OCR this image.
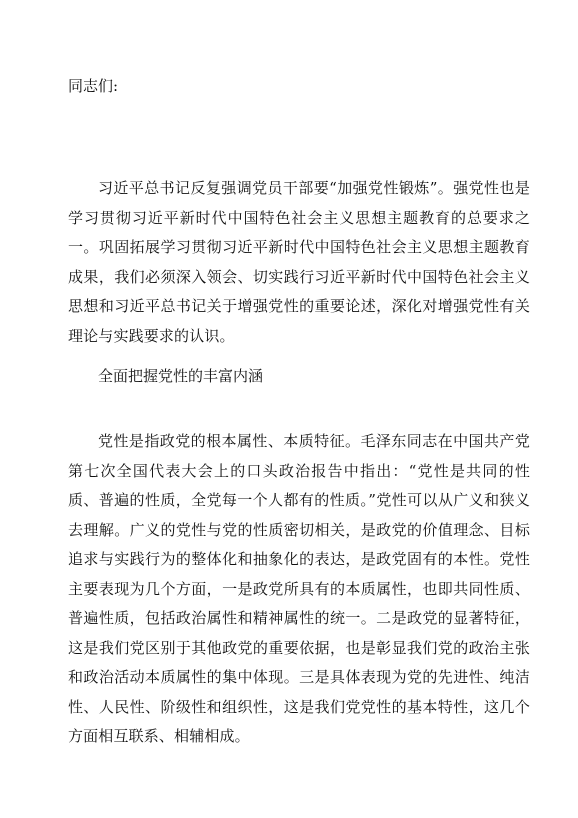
同志们:

习近平总书记反复强调党员干部要“加强党性锻炼”。强党性也是学习贯彻习近平新时代中国特色社会主义思想主题教育的总要求之一。巩固拓展学习贯彻习近平新时代中国特色社会主义思想主题教育成果，我们必须深入领会、切实践行习近平新时代中国特色社会主义思想和习近平总书记关于增强党性的重要论述，深化对增强党性有关理论与实践要求的认识。

全面把握党性的丰富内涵

党性是指政党的根本属性、本质特征。毛泽东同志在中国共产党第七次全国代表大会上的口头政治报告中指出：“党性是共同的性质、普遍的性质，全党每一个人都有的性质。”党性可以从广义和狭义去理解。广义的党性与党的性质密切相关，是政党的价值理念、目标追求与实践行为的整体化和抽象化的表达，是政党固有的本性。党性主要表现为几个方面，一是政党所具有的本质属性，也即共同性质、普遍性质，包括政治属性和精神属性的统一。二是政党的显著特征，这是我们党区别于其他政党的重要依据，也是彰显我们党的政治主张和政治活动本质属性的集中体现。三是具体表现为党的先进性、纯洁性、人民性、阶级性和组织性，这是我们党党性的基本特性，这几个方面相互联系、相辅相成。
